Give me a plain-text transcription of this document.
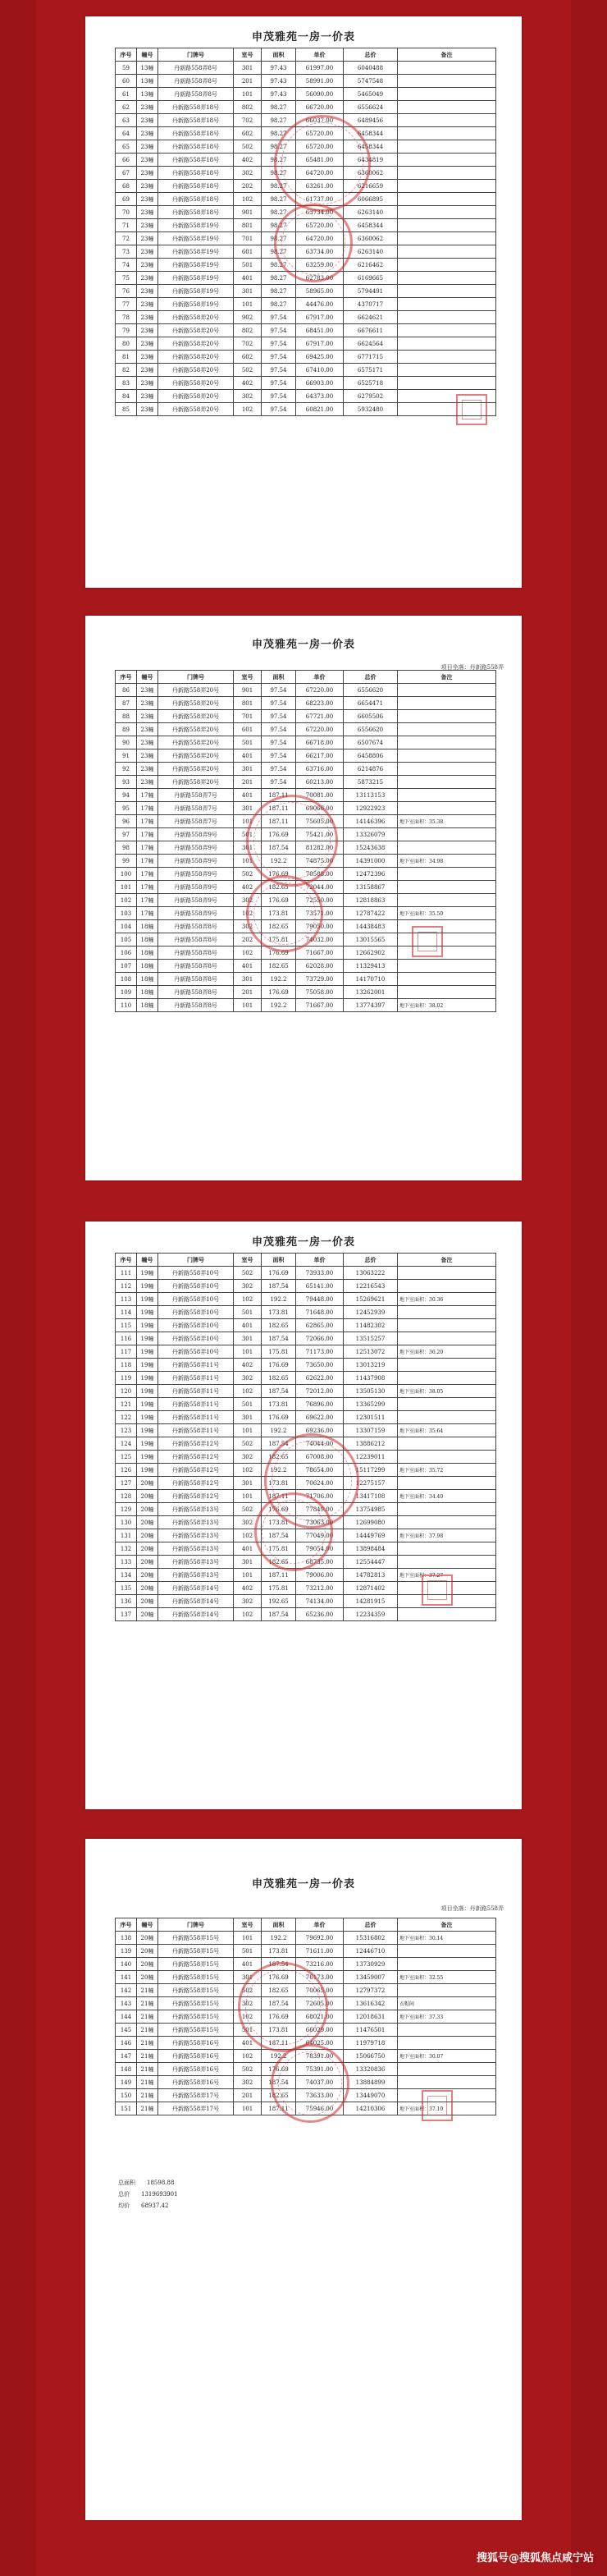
申茂雅苑一房一价表
序号	幢号	门牌号	室号	面积	单价	总价	备注
59	13幢	丹新路558弄8号	301	97.43	61997.00	6040488	
60	13幢	丹新路558弄8号	201	97.43	58991.00	5747548	
61	13幢	丹新路558弄8号	101	97.43	56090.00	5465049	
62	23幢	丹新路558弄18号	802	98.27	66720.00	6556624	
63	23幢	丹新路558弄18号	702	98.27	66037.00	6489456	
64	23幢	丹新路558弄18号	602	98.27	65720.00	6458344	
65	23幢	丹新路558弄18号	502	98.27	65720.00	6458344	
66	23幢	丹新路558弄18号	402	98.27	65481.00	6434819	
67	23幢	丹新路558弄18号	302	98.27	64720.00	6360062	
68	23幢	丹新路558弄18号	202	98.27	63261.00	6216659	
69	23幢	丹新路558弄18号	102	98.27	61737.00	6066895	
70	23幢	丹新路558弄18号	901	98.27	63734.00	6263140	
71	23幢	丹新路558弄19号	801	98.27	65720.00	6458344	
72	23幢	丹新路558弄19号	701	98.27	64720.00	6360062	
73	23幢	丹新路558弄19号	601	98.27	63734.00	6263140	
74	23幢	丹新路558弄19号	501	98.27	63259.00	6216462	
75	23幢	丹新路558弄19号	401	98.27	62783.00	6169665	
76	23幢	丹新路558弄19号	301	98.27	58965.00	5794491	
77	23幢	丹新路558弄19号	101	98.27	44476.00	4370717	
78	23幢	丹新路558弄20号	902	97.54	67917.00	6624621	
79	23幢	丹新路558弄20号	802	97.54	68451.00	6676611	
80	23幢	丹新路558弄20号	702	97.54	67917.00	6624564	
81	23幢	丹新路558弄20号	602	97.54	69425.00	6771715	
82	23幢	丹新路558弄20号	502	97.54	67410.00	6575171	
83	23幢	丹新路558弄20号	402	97.54	66903.00	6525718	
84	23幢	丹新路558弄20号	302	97.54	64373.00	6279502	
85	23幢	丹新路558弄20号	102	97.54	60821.00	5932480	
申茂雅苑一房一价表
项目坐落：丹新路558弄
序号	幢号	门牌号	室号	面积	单价	总价	备注
86	23幢	丹新路558弄20号	901	97.54	67220.00	6556620	
87	23幢	丹新路558弄20号	801	97.54	68223.00	6654471	
88	23幢	丹新路558弄20号	701	97.54	67721.00	6605506	
89	23幢	丹新路558弄20号	601	97.54	67220.00	6556620	
90	23幢	丹新路558弄20号	501	97.54	66718.00	6507674	
91	23幢	丹新路558弄20号	401	97.54	66217.00	6458806	
92	23幢	丹新路558弄20号	301	97.54	63716.00	6214876	
93	23幢	丹新路558弄20号	201	97.54	60213.00	5873215	
94	17幢	丹新路558弄7号	401	187.11	70081.00	13113153	
95	17幢	丹新路558弄7号	301	187.11	69066.00	12922923	
96	17幢	丹新路558弄7号	101	187.11	75605.00	14146396	地下室面积：35.38
97	17幢	丹新路558弄9号	501	176.69	75421.00	13326079	
98	17幢	丹新路558弄9号	301	187.54	81282.00	15243638	
99	17幢	丹新路558弄9号	101	192.2	74875.00	14391000	地下室面积：34.98
100	17幢	丹新路558弄9号	502	176.69	70588.00	12472396	
101	17幢	丹新路558弄9号	402	182.65	72044.00	13158867	
102	17幢	丹新路558弄9号	302	176.69	72550.00	12818863	
103	17幢	丹新路558弄9号	102	173.81	73571.00	12787422	地下室面积：35.50
104	18幢	丹新路558弄8号	302	182.65	79050.00	14438483	
105	18幢	丹新路558弄8号	202	175.81	74032.00	13015565	
106	18幢	丹新路558弄8号	102	176.69	71667.00	12662902	
107	18幢	丹新路558弄8号	401	182.65	62028.00	11329413	
108	18幢	丹新路558弄8号	301	192.2	73729.00	14170710	
109	18幢	丹新路558弄8号	201	176.69	75058.00	13262001	
110	18幢	丹新路558弄8号	101	192.2	71667.00	13774397	地下室面积：38.02
申茂雅苑一房一价表
序号	幢号	门牌号	室号	面积	单价	总价	备注
111	19幢	丹新路558弄10号	502	176.69	73933.00	13063222	
112	19幢	丹新路558弄10号	302	187.54	65141.00	12216543	
113	19幢	丹新路558弄10号	102	192.2	79448.00	15269621	地下室面积：30.36
114	19幢	丹新路558弄10号	501	173.81	71648.00	12452939	
115	19幢	丹新路558弄10号	401	182.65	62865.00	11482302	
116	19幢	丹新路558弄10号	301	187.54	72066.00	13515257	
117	19幢	丹新路558弄10号	101	175.81	71173.00	12513072	地下室面积：36.20
118	19幢	丹新路558弄11号	402	176.69	73650.00	13013219	
119	19幢	丹新路558弄11号	302	182.65	62622.00	11437908	
120	19幢	丹新路558弄11号	102	187.54	72012.00	13505130	地下室面积：38.05
121	19幢	丹新路558弄11号	501	173.81	76896.00	13365299	
122	19幢	丹新路558弄11号	301	176.69	69622.00	12301511	
123	19幢	丹新路558弄11号	101	192.2	69236.00	13307159	地下室面积：35.64
124	19幢	丹新路558弄12号	502	187.54	74044.00	13886212	
125	19幢	丹新路558弄12号	302	182.65	67008.00	12239011	
126	19幢	丹新路558弄12号	102	192.2	78654.00	15117299	地下室面积：35.72
127	20幢	丹新路558弄12号	301	173.81	70624.00	12275157	
128	20幢	丹新路558弄12号	101	187.11	71706.00	13417108	地下室面积：34.40
129	20幢	丹新路558弄13号	502	176.69	77849.00	13754985	
130	20幢	丹新路558弄13号	302	173.81	73063.00	12699080	
131	20幢	丹新路558弄13号	102	187.54	77049.00	14449769	地下室面积：37.98
132	20幢	丹新路558弄13号	401	175.81	79054.00	13898484	
133	20幢	丹新路558弄13号	301	182.65	68735.00	12554447	
134	20幢	丹新路558弄13号	101	187.11	79006.00	14782813	地下室面积：37.27
135	20幢	丹新路558弄14号	402	175.81	73212.00	12871402	
136	20幢	丹新路558弄14号	302	192.65	74134.00	14281915	
137	20幢	丹新路558弄14号	102	187.54	65236.00	12234359	
申茂雅苑一房一价表
项目坐落：丹新路558弄
序号	幢号	门牌号	室号	面积	单价	总价	备注
138	20幢	丹新路558弄15号	101	192.2	79692.00	15316802	地下室面积：30.14
139	20幢	丹新路558弄15号	501	173.81	71611.00	12446710	
140	20幢	丹新路558弄15号	401	187.54	73216.00	13730929	
141	20幢	丹新路558弄15号	301	176.69	76173.00	13459007	地下室面积：32.55
142	21幢	丹新路558弄15号	502	182.65	70065.00	12797372	
143	21幢	丹新路558弄15号	302	187.54	72605.00	13616342	衣帽间
144	21幢	丹新路558弄15号	102	176.69	68021.00	12018631	地下室面积：37.33
145	21幢	丹新路558弄15号	501	173.81	66029.00	11476501	
146	21幢	丹新路558弄16号	401	187.11	64025.00	11979718	
147	21幢	丹新路558弄16号	102	192.2	78391.00	15066750	地下室面积：30.07
148	21幢	丹新路558弄16号	502	176.69	75391.00	13320836	
149	21幢	丹新路558弄16号	302	187.54	74037.00	13884899	
150	21幢	丹新路558弄17号	201	182.65	73633.00	13449070	
151	21幢	丹新路558弄17号	101	187.11	75946.00	14210306	地下室面积：37.10
总面积 18598.88
总价 1319693901
均价 68937.42
搜狐号@搜狐焦点咸宁站
